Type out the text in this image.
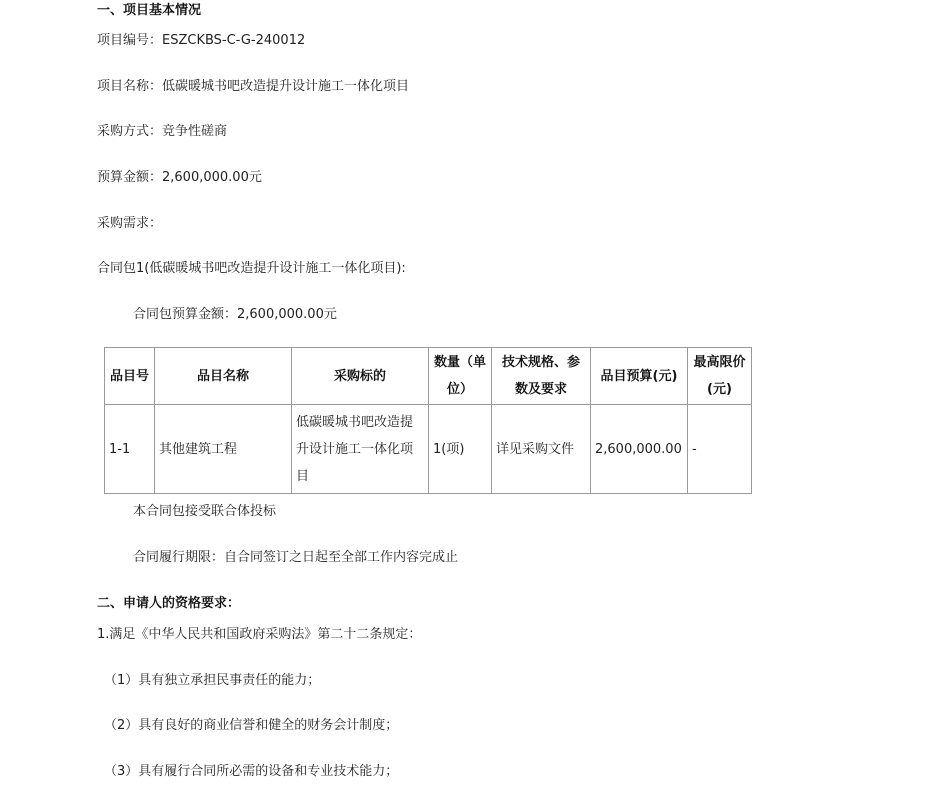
一、项目基本情况
项目编号：ESZCKBS-C-G-240012
项目名称：低碳暖城书吧改造提升设计施工一体化项目
采购方式：竞争性磋商
预算金额：2,600,000.00元
采购需求：
合同包1(低碳暖城书吧改造提升设计施工一体化项目):
合同包预算金额：2,600,000.00元
品目号	品目名称	采购标的	数量（单位）	技术规格、参数及要求	品目预算(元)	最高限价(元)
1-1	其他建筑工程	低碳暖城书吧改造提升设计施工一体化项目	1(项)	详见采购文件	2,600,000.00	-
本合同包接受联合体投标
合同履行期限：自合同签订之日起至全部工作内容完成止
二、申请人的资格要求：
1.满足《中华人民共和国政府采购法》第二十二条规定：
（1）具有独立承担民事责任的能力；
（2）具有良好的商业信誉和健全的财务会计制度；
（3）具有履行合同所必需的设备和专业技术能力；
